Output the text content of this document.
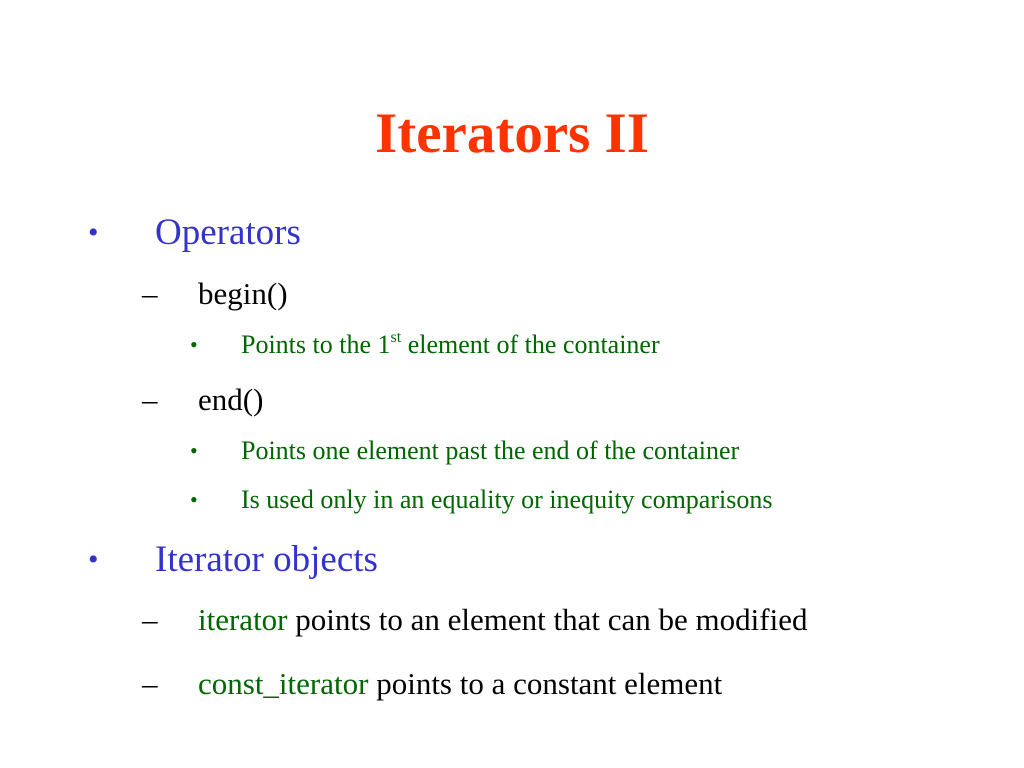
Iterators II
• Operators
– begin()
• Points to the 1st element of the container
– end()
• Points one element past the end of the container
• Is used only in an equality or inequity comparisons
• Iterator objects
– iterator points to an element that can be modified
– const_iterator points to a constant element
